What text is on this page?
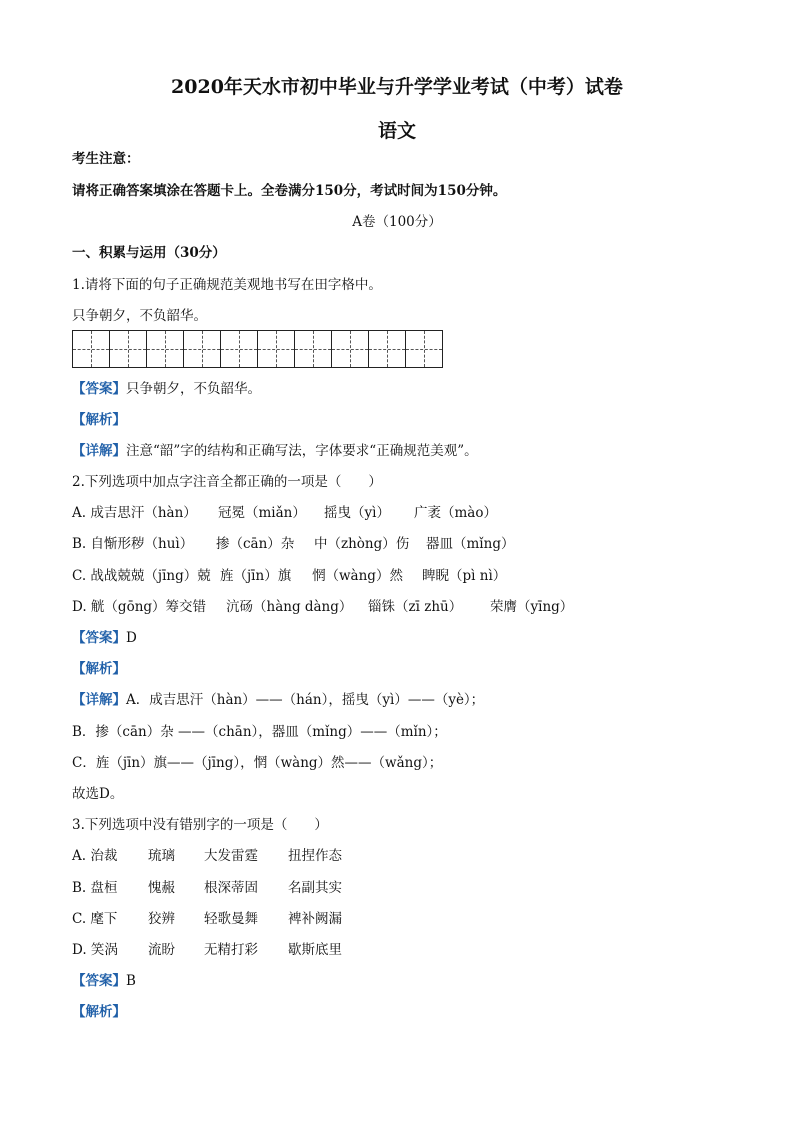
2020年天水市初中毕业与升学学业考试（中考）试卷
语文
考生注意：
请将正确答案填涂在答题卡上。全卷满分150分，考试时间为150分钟。
A卷（100分）
一、积累与运用（30分）
1.请将下面的句子正确规范美观地书写在田字格中。
只争朝夕，不负韶华。
【答案】只争朝夕，不负韶华。
【解析】
【详解】注意“韶”字的结构和正确写法，字体要求“正确规范美观”。
2.下列选项中加点字注音全都正确的一项是（　　）
A. 成吉思汗（hàn） 冠冕（miǎn） 摇曳（yì） 广袤（mào）
B. 自惭形秽（huì） 掺（cān）杂 中（zhòng）伤 器皿（mǐng）
C. 战战兢兢（jīng）兢 旌（jīn）旗 惘（wàng）然 睥睨（pì nì）
D. 觥（gōng）筹交错 沆砀（hàng dàng） 锱铢（zī zhū） 荣膺（yīng）
【答案】D
【解析】
【详解】A．成吉思汗（hàn）——（hán），摇曳（yì）——（yè）；
B．掺（cān）杂 ——（chān），器皿（mǐng）——（mǐn）；
C．旌（jīn）旗——（jīng），惘（wàng）然——（wǎng）；
故选D。
3.下列选项中没有错别字的一项是（　　）
A. 治裁 琉璃 大发雷霆 扭捏作态
B. 盘桓 愧赧 根深蒂固 名副其实
C. 麾下 狡辨 轻歌曼舞 裨补阙漏
D. 笑涡 流盼 无精打彩 歇斯底里
【答案】B
【解析】
